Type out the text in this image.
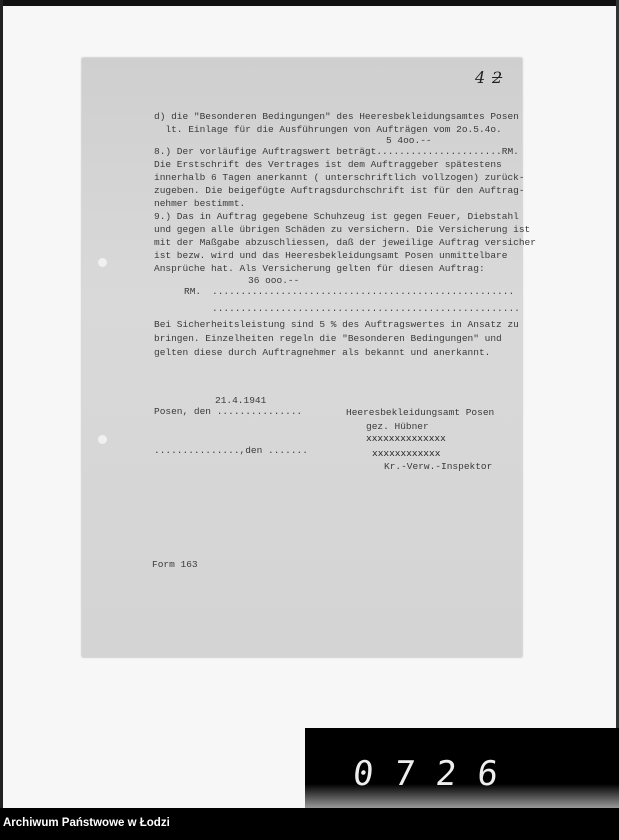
4 2
d) die "Besonderen Bedingungen" des Heeresbekleidungsamtes Posen
lt. Einlage für die Ausführungen von Aufträgen vom 2o.5.4o.
5 4oo.--
8.) Der vorläufige Auftragswert beträgt......................RM.
Die Erstschrift des Vertrages ist dem Auftraggeber spätestens
innerhalb 6 Tagen anerkannt ( unterschriftlich vollzogen) zurück-
zugeben. Die beigefügte Auftragsdurchschrift ist für den Auftrag-
nehmer bestimmt.
9.) Das in Auftrag gegebene Schuhzeug ist gegen Feuer, Diebstahl
und gegen alle übrigen Schäden zu versichern. Die Versicherung ist
mit der Maßgabe abzuschliessen, daß der jeweilige Auftrag versicher
ist bezw. wird und das Heeresbekleidungsamt Posen unmittelbare
Ansprüche hat. Als Versicherung gelten für diesen Auftrag:
36 ooo.--
RM. .....................................................
......................................................
Bei Sicherheitsleistung sind 5 % des Auftragswertes in Ansatz zu
bringen. Einzelheiten regeln die "Besonderen Bedingungen" und
gelten diese durch Auftragnehmer als bekannt und anerkannt.
21.4.1941
Posen, den ...............
...............,den .......
Heeresbekleidungsamt Posen
gez. Hübner
xxxxxxxxxxxxxx
xxxxxxxxxxxx
Kr.-Verw.-Inspektor
Form 163
0726
Archiwum Państwowe w Łodzi
